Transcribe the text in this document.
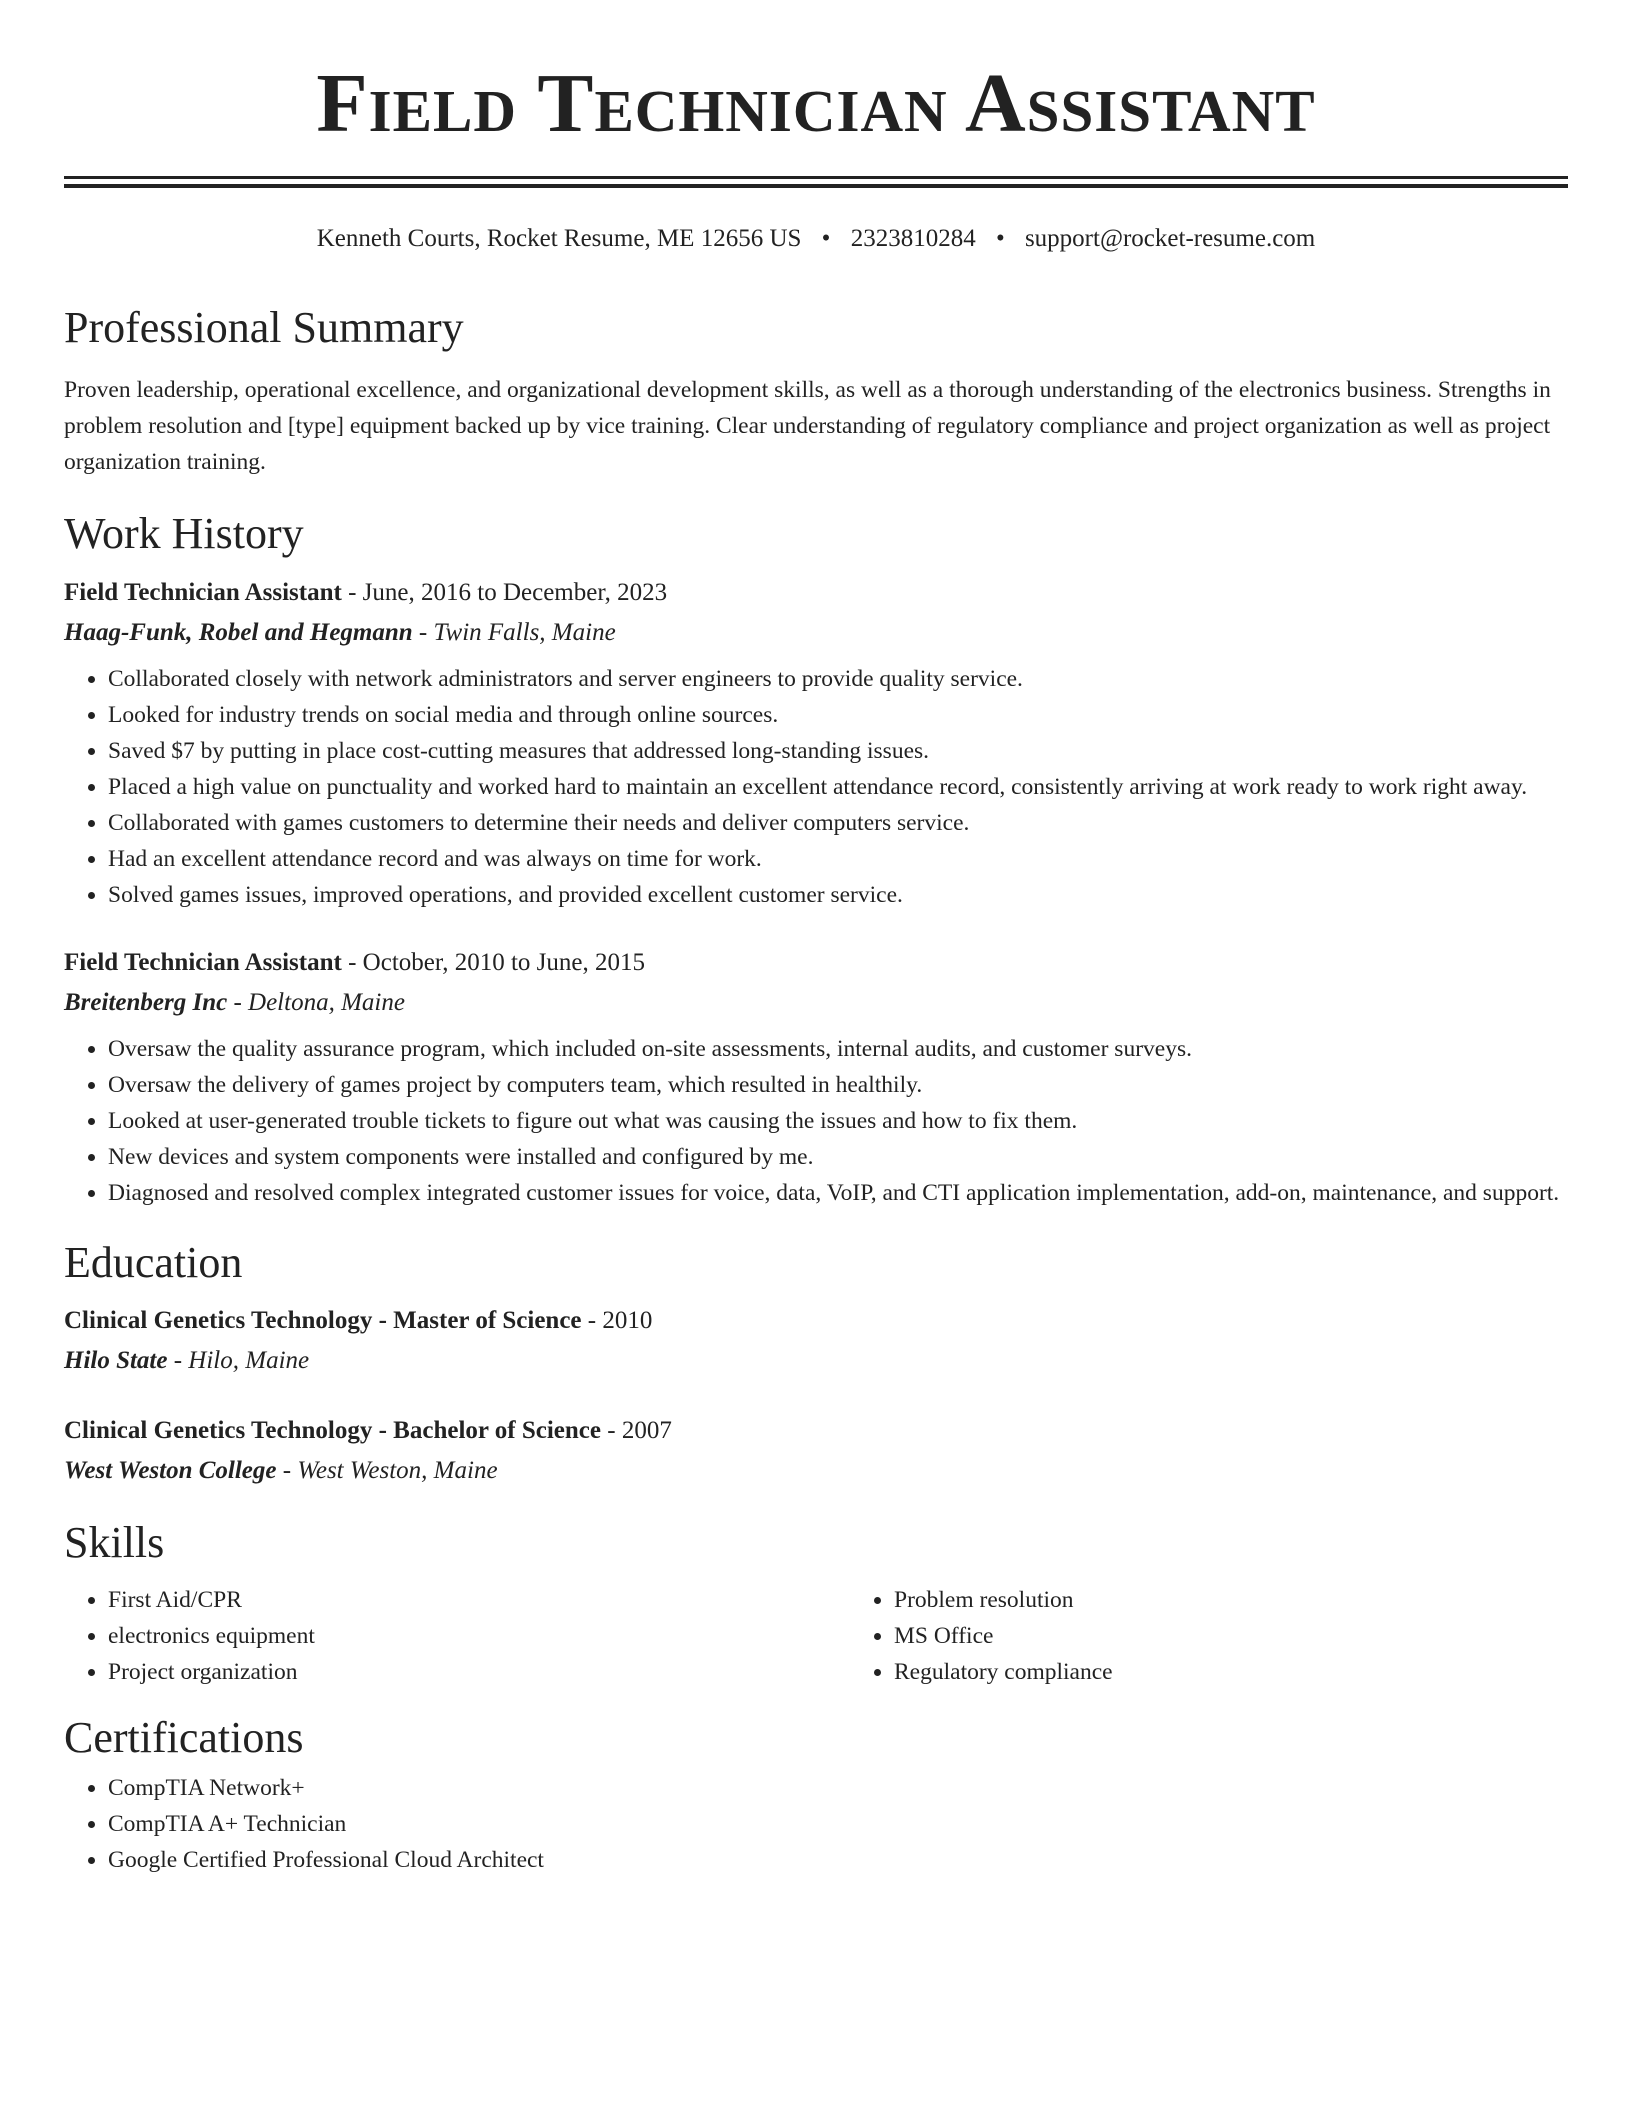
Field Technician Assistant
Kenneth Courts, Rocket Resume, ME 12656 US • 2323810284 • support@rocket-resume.com
Professional Summary
Proven leadership, operational excellence, and organizational development skills, as well as a thorough understanding of the electronics business. Strengths in problem resolution and [type] equipment backed up by vice training. Clear understanding of regulatory compliance and project organization as well as project organization training.
Work History
Field Technician Assistant - June, 2016 to December, 2023
Haag-Funk, Robel and Hegmann - Twin Falls, Maine
• Collaborated closely with network administrators and server engineers to provide quality service.
• Looked for industry trends on social media and through online sources.
• Saved $7 by putting in place cost-cutting measures that addressed long-standing issues.
• Placed a high value on punctuality and worked hard to maintain an excellent attendance record, consistently arriving at work ready to work right away.
• Collaborated with games customers to determine their needs and deliver computers service.
• Had an excellent attendance record and was always on time for work.
• Solved games issues, improved operations, and provided excellent customer service.
Field Technician Assistant - October, 2010 to June, 2015
Breitenberg Inc - Deltona, Maine
• Oversaw the quality assurance program, which included on-site assessments, internal audits, and customer surveys.
• Oversaw the delivery of games project by computers team, which resulted in healthily.
• Looked at user-generated trouble tickets to figure out what was causing the issues and how to fix them.
• New devices and system components were installed and configured by me.
• Diagnosed and resolved complex integrated customer issues for voice, data, VoIP, and CTI application implementation, add-on, maintenance, and support.
Education
Clinical Genetics Technology - Master of Science - 2010
Hilo State - Hilo, Maine
Clinical Genetics Technology - Bachelor of Science - 2007
West Weston College - West Weston, Maine
Skills
• First Aid/CPR
• electronics equipment
• Project organization
• Problem resolution
• MS Office
• Regulatory compliance
Certifications
• CompTIA Network+
• CompTIA A+ Technician
• Google Certified Professional Cloud Architect
